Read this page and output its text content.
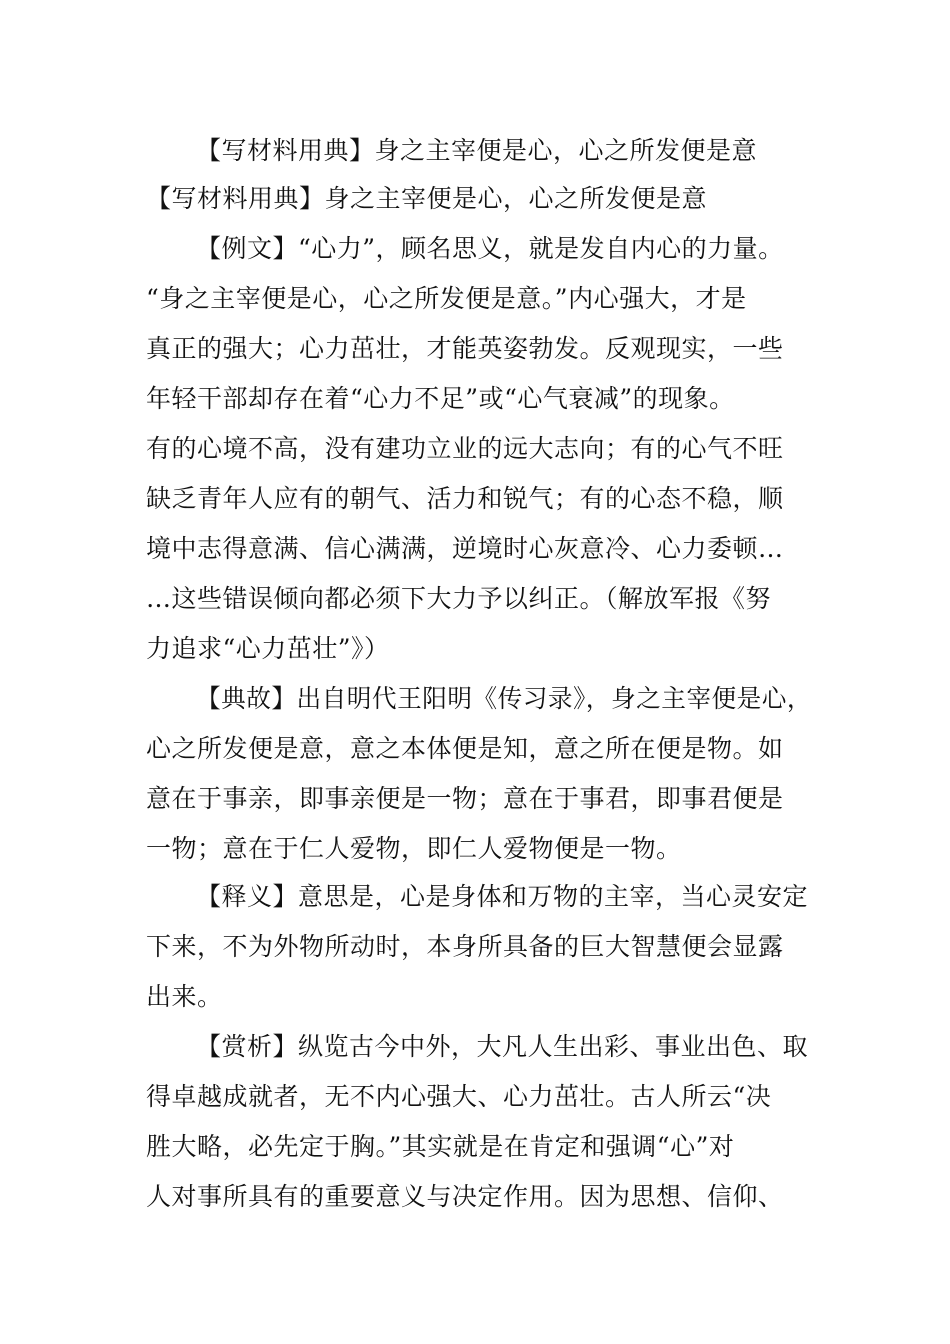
【写材料用典】身之主宰便是心，心之所发便是意
【写材料用典】身之主宰便是心，心之所发便是意
【例文】“心力”，顾名思义，就是发自内心的力量。
“身之主宰便是心，心之所发便是意。”内心强大，才是
真正的强大；心力茁壮，才能英姿勃发。反观现实，一些
年轻干部却存在着“心力不足”或“心气衰减”的现象。
有的心境不高，没有建功立业的远大志向；有的心气不旺
缺乏青年人应有的朝气、活力和锐气；有的心态不稳，顺
境中志得意满、信心满满，逆境时心灰意冷、心力委顿…
…这些错误倾向都必须下大力予以纠正。（解放军报《努
力追求“心力茁壮”》）
【典故】出自明代王阳明《传习录》，身之主宰便是心，
心之所发便是意，意之本体便是知，意之所在便是物。如
意在于事亲，即事亲便是一物；意在于事君，即事君便是
一物；意在于仁人爱物，即仁人爱物便是一物。
【释义】意思是，心是身体和万物的主宰，当心灵安定
下来，不为外物所动时，本身所具备的巨大智慧便会显露
出来。
【赏析】纵览古今中外，大凡人生出彩、事业出色、取
得卓越成就者，无不内心强大、心力茁壮。古人所云“决
胜大略，必先定于胸。”其实就是在肯定和强调“心”对
人对事所具有的重要意义与决定作用。因为思想、信仰、
